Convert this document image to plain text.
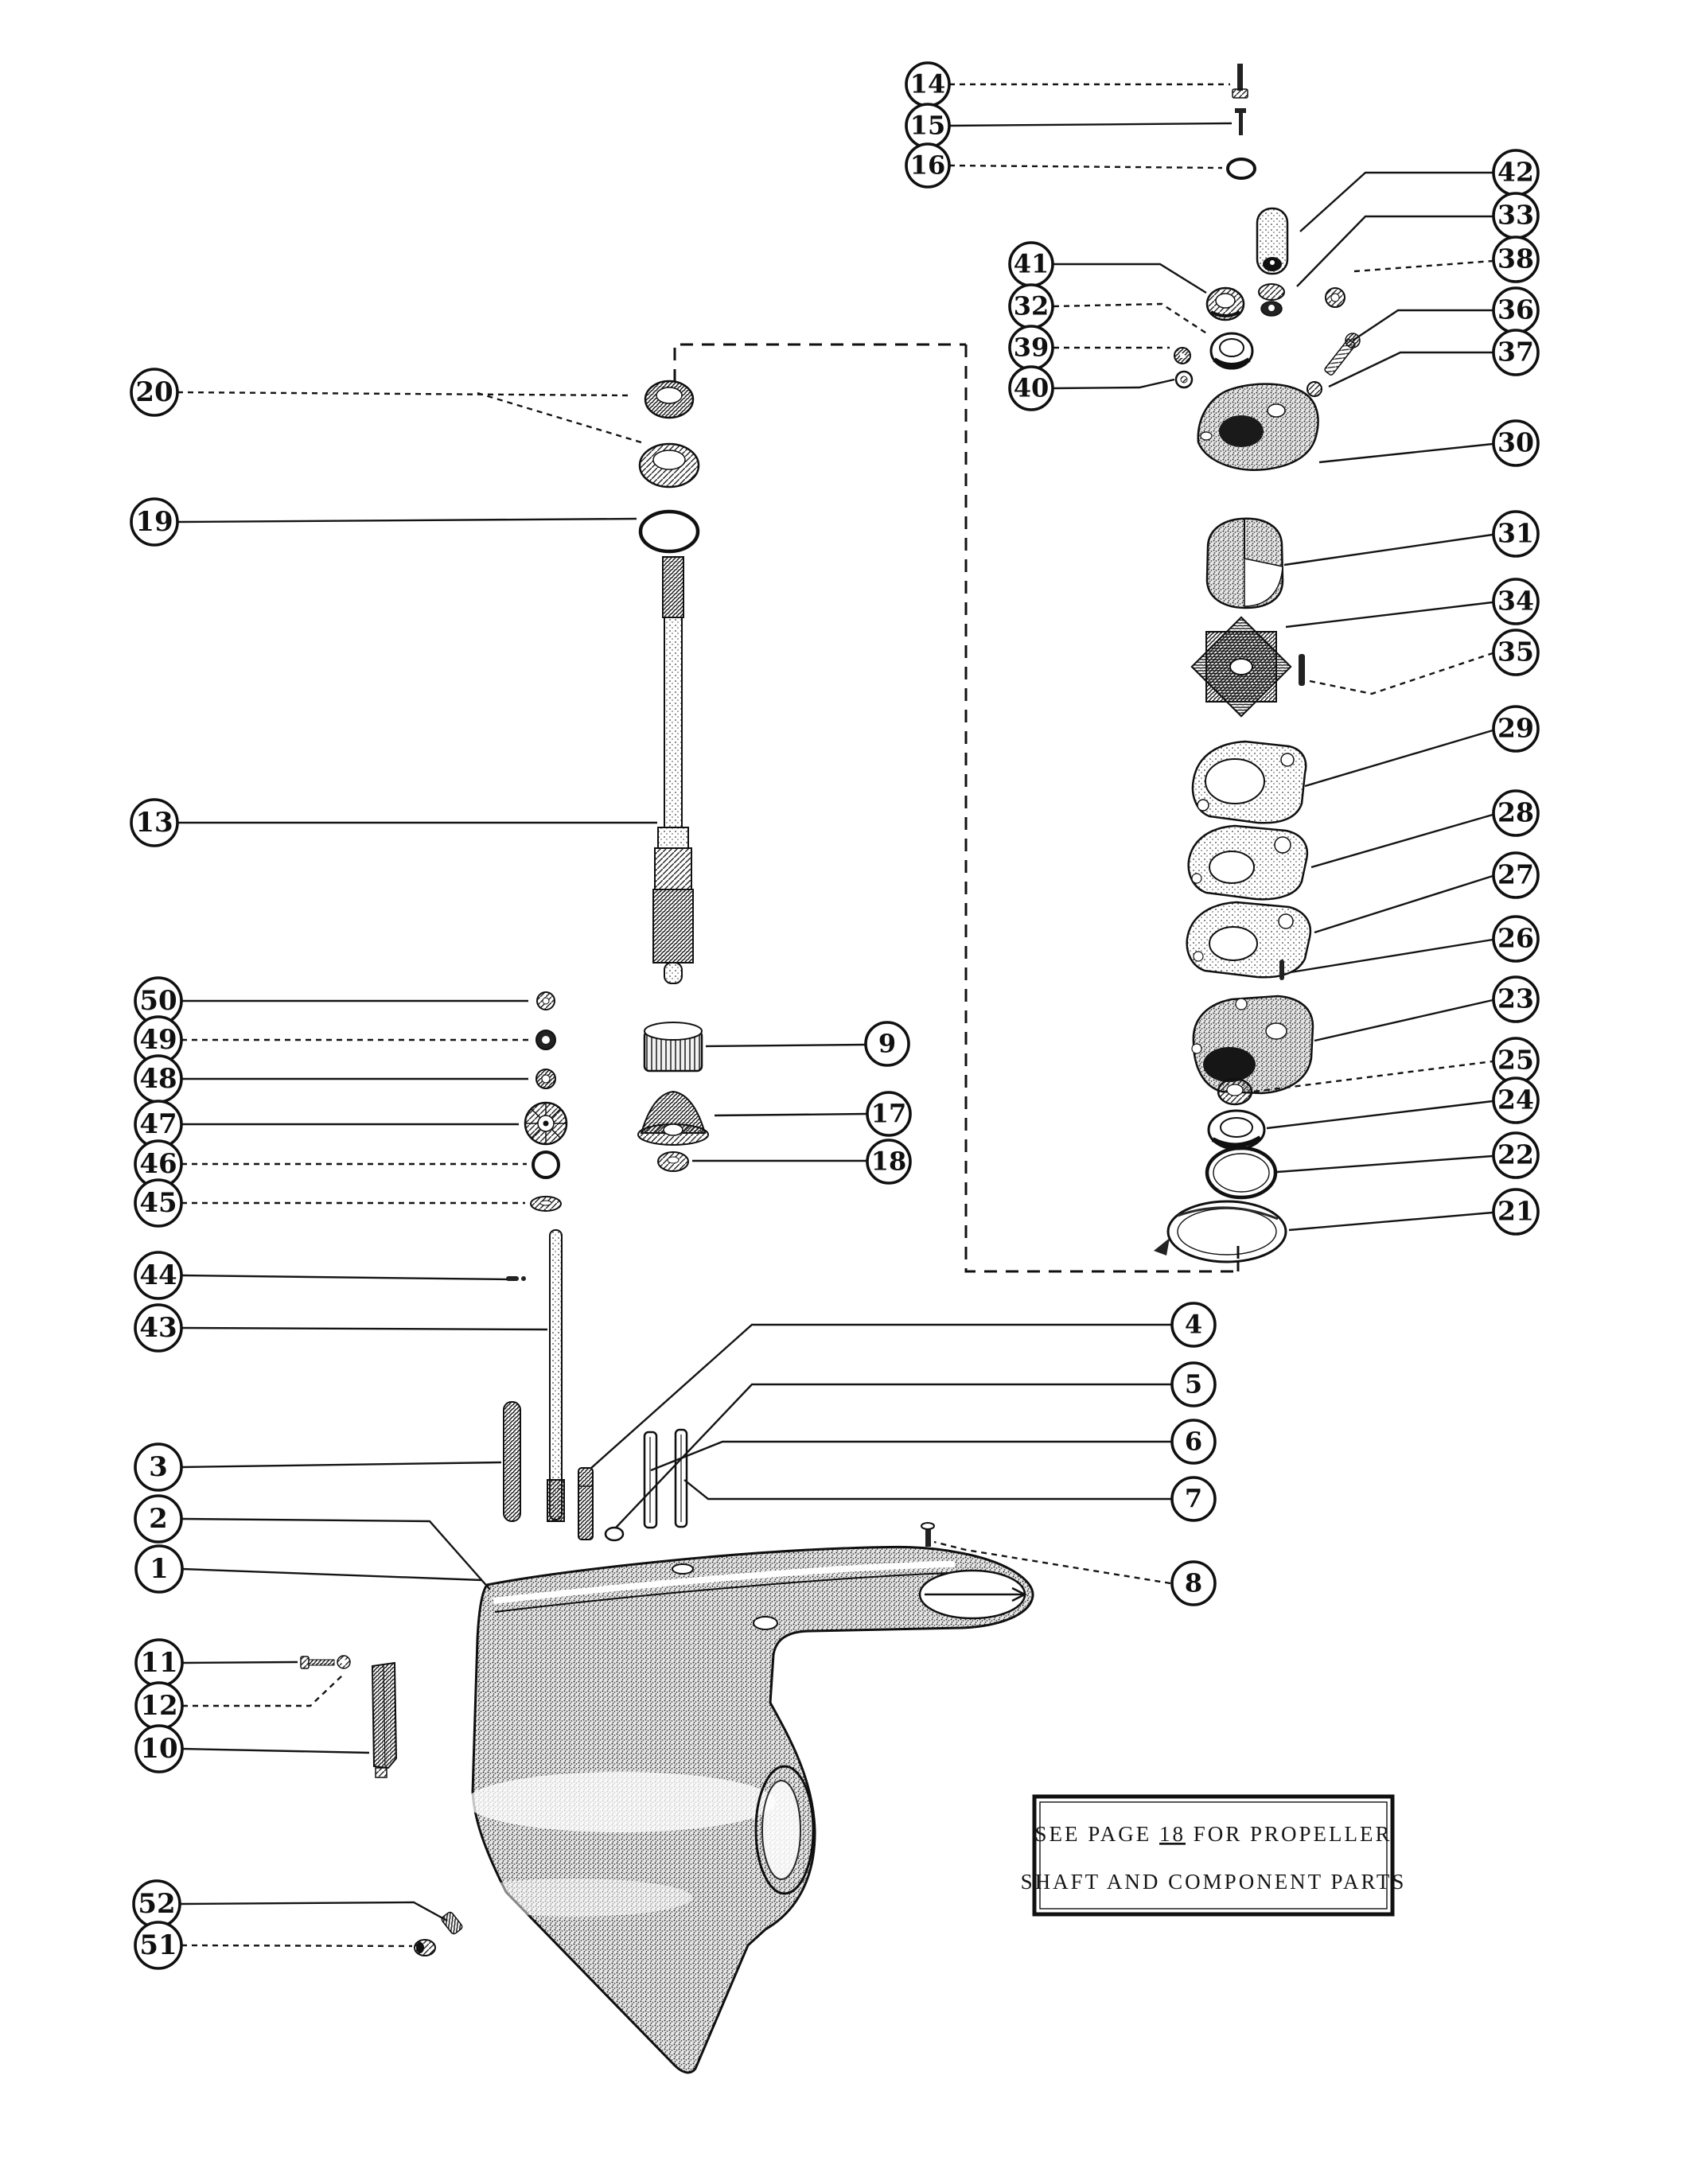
SEE PAGE 18 FOR PROPELLER
SHAFT AND COMPONENT PARTS
14
15
16	42
33
38
36
37
41
32
39
40
30
31
34
35
29
28
27
26
23
25
24
22
21
20
19
13
50
49
48
47
46
45
9
17
18
44
43	4
5
6
7
8
3
2
1
11
12
10
52
51
